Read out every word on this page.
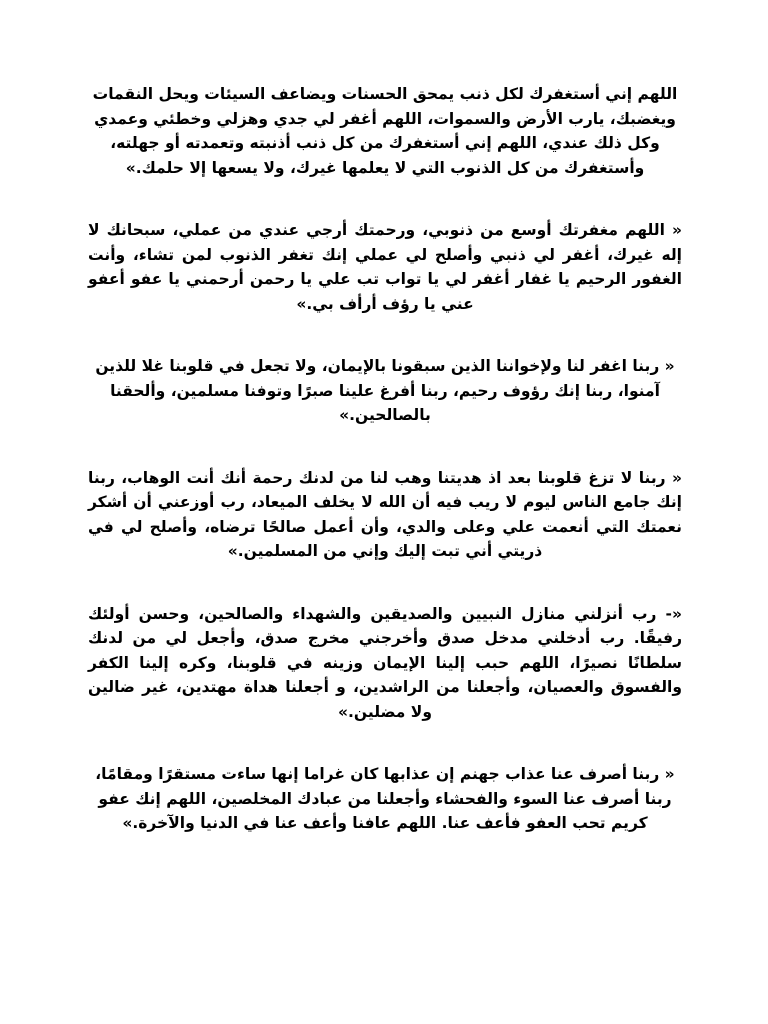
اللهم إني أستغفرك لكل ذنب يمحق الحسنات ويضاعف السيئات ويحل النقمات ويغضبك، يارب الأرض والسموات، اللهم أغفر لي جدي وهزلي وخطئي وعمدي وكل ذلك عندي، اللهم إني أستغفرك من كل ذنب أذنبته وتعمدته أو جهلته، وأستغفرك من كل الذنوب التي لا يعلمها غيرك، ولا يسعها إلا حلمك.»

« اللهم مغفرتك أوسع من ذنوبي، ورحمتك أرجي عندي من عملي، سبحانك لا إله غيرك، أغفر لي ذنبي وأصلح لي عملي إنك تغفر الذنوب لمن تشاء، وأنت الغفور الرحيم يا غفار أغفر لي يا تواب تب علي يا رحمن أرحمني يا عفو أعفو عني يا رؤف أرأف بي.»

« ربنا اغفر لنا ولإخواننا الذين سبقونا بالإيمان، ولا تجعل في قلوبنا غلا للذين آمنوا، ربنا إنك رؤوف رحيم، ربنا أفرغ علينا صبرًا وتوفنا مسلمين، وألحقنا بالصالحين.»

« ربنا لا تزغ قلوبنا بعد اذ هديتنا وهب لنا من لدنك رحمة أنك أنت الوهاب، ربنا إنك جامع الناس ليوم لا ريب فيه أن الله لا يخلف الميعاد، رب أوزعني أن أشكر نعمتك التي أنعمت علي وعلى والدي، وأن أعمل صالحًا ترضاه، وأصلح لي في ذريتي أني تبت إليك وإني من المسلمين.»

«- رب أنزلني منازل النبيين والصديقين والشهداء والصالحين، وحسن أولئك رفيقًا. رب أدخلني مدخل صدق وأخرجني مخرج صدق، وأجعل لي من لدنك سلطانًا نصيرًا، اللهم حبب إلينا الإيمان وزينه في قلوبنا، وكره إلينا الكفر والفسوق والعصيان، وأجعلنا من الراشدين، و أجعلنا هداة مهتدين، غير ضالين ولا مضلين.»

« ربنا أصرف عنا عذاب جهنم إن عذابها كان غراما إنها ساءت مستقرًا ومقامًا، ربنا أصرف عنا السوء والفحشاء وأجعلنا من عبادك المخلصين، اللهم إنك عفو كريم تحب العفو فأعف عنا. اللهم عافنا وأعف عنا في الدنيا والآخرة.»
